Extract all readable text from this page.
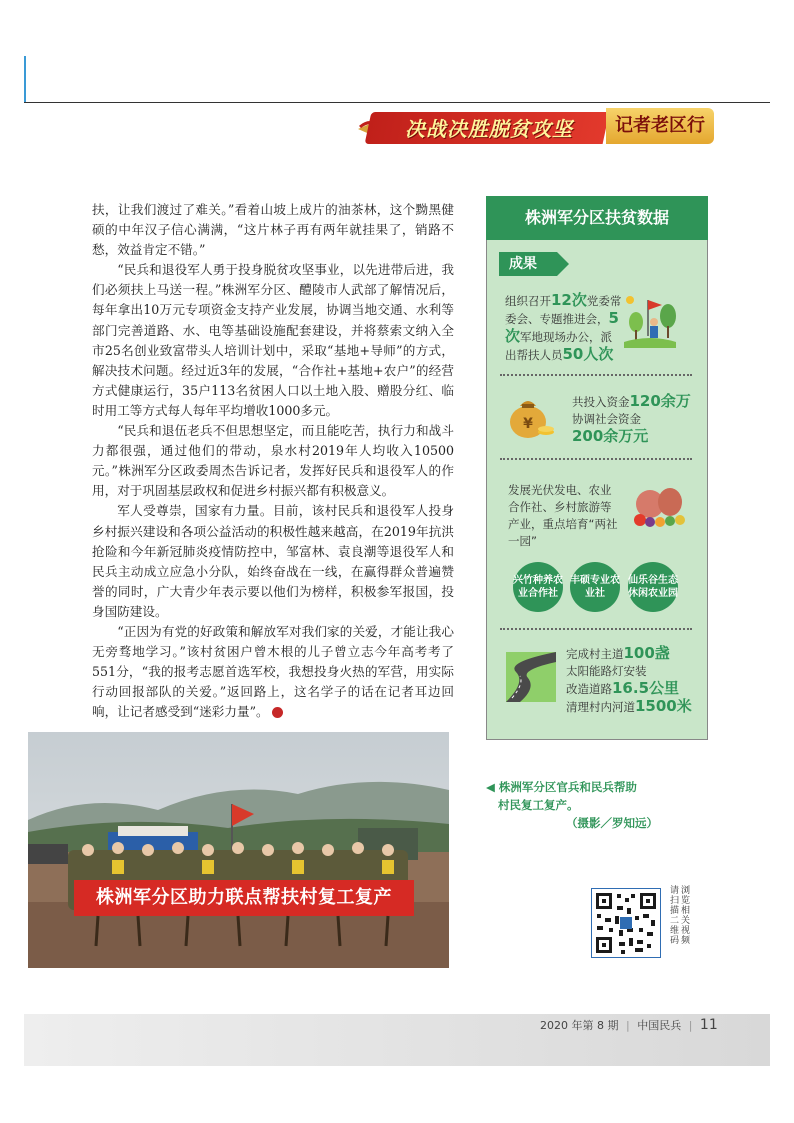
决战决胜脱贫攻坚	记者老区行

扶，让我们渡过了难关。”看着山坡上成片的油茶林，这个黝黑健硕的中年汉子信心满满，“这片林子再有两年就挂果了，销路不愁，效益肯定不错。”

“民兵和退役军人勇于投身脱贫攻坚事业，以先进带后进，我们必须扶上马送一程。”株洲军分区、醴陵市人武部了解情况后，每年拿出10万元专项资金支持产业发展，协调当地交通、水利等部门完善道路、水、电等基础设施配套建设，并将蔡索文纳入全市25名创业致富带头人培训计划中，采取“基地+导师”的方式，解决技术问题。经过近3年的发展，“合作社+基地+农户”的经营方式健康运行，35户113名贫困人口以土地入股、赠股分红、临时用工等方式每人每年平均增收1000多元。

“民兵和退伍老兵不但思想坚定，而且能吃苦，执行力和战斗力都很强，通过他们的带动，泉水村2019年人均收入10500元。”株洲军分区政委周杰告诉记者，发挥好民兵和退役军人的作用，对于巩固基层政权和促进乡村振兴都有积极意义。

军人受尊崇，国家有力量。目前，该村民兵和退役军人投身乡村振兴建设和各项公益活动的积极性越来越高，在2019年抗洪抢险和今年新冠肺炎疫情防控中，邹富林、袁良潮等退役军人和民兵主动成立应急小分队，始终奋战在一线，在赢得群众普遍赞誉的同时，广大青少年表示要以他们为榜样，积极参军报国，投身国防建设。

“正因为有党的好政策和解放军对我们家的关爱，才能让我心无旁骛地学习。”该村贫困户曾木根的儿子曾立志今年高考考了551分，“我的报考志愿首选军校，我想投身火热的军营，用实际行动回报部队的关爱。”返回路上，这名学子的话在记者耳边回响，让记者感受到“迷彩力量”。	J

株洲军分区扶贫数据
成果
组织召开12次党委常委会、专题推进会，5次军地现场办公，派出帮扶人员50人次
¥
共投入资金120余万
协调社会资金
200余万元
发展光伏发电、农业合作社、乡村旅游等产业，重点培育“两社一园”
兴竹种养农业合作社
丰硕专业农业社
仙乐谷生态休闲农业园
完成村主道100盏
太阳能路灯安装
改造道路16.5公里
清理村内河道1500米
株洲军分区助力联点帮扶村复工复产
◀ 株洲军分区官兵和民兵帮助
村民复工复产。
（摄影／罗知远）
请
扫
描
二
维
码
浏
览
相
关
视
频
2020 年第 8 期 | 中国民兵 | 11
